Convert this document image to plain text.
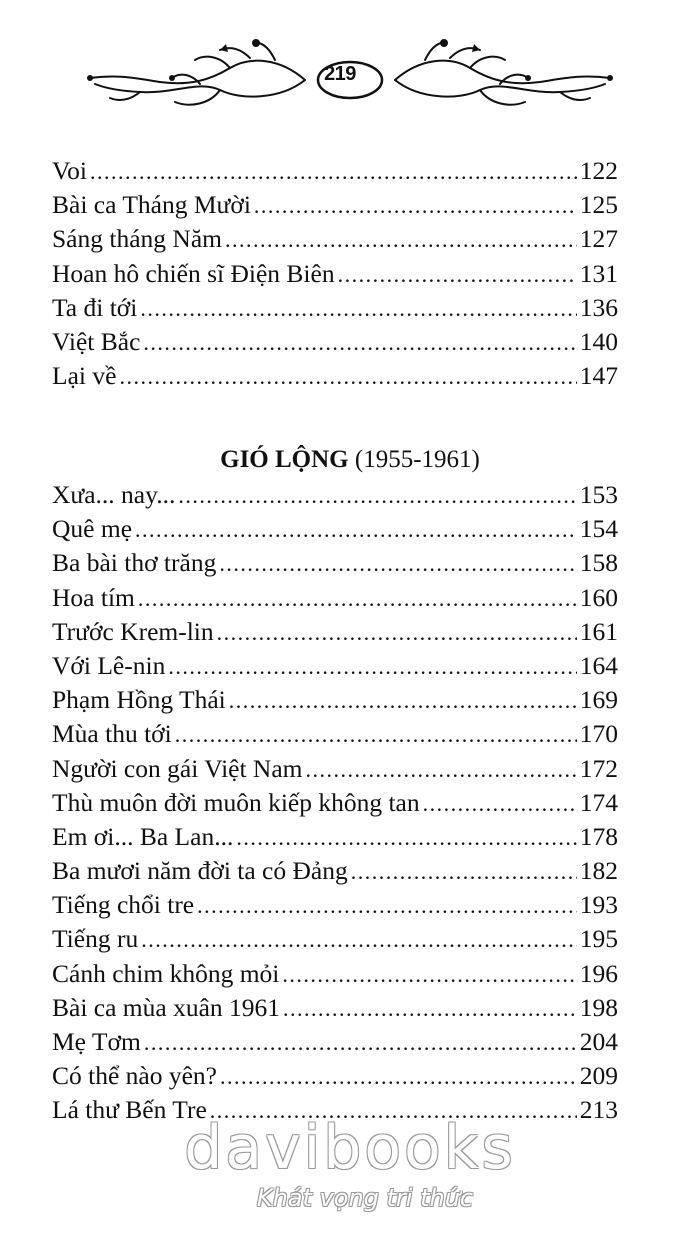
219
Voi .....	122
Bài ca Tháng Mười .....	125
Sáng tháng Năm .....	127
Hoan hô chiến sĩ Điện Biên .....	131
Ta đi tới .....	136
Việt Bắc .....	140
Lại về .....	147
GIÓ LỘNG (1955-1961)
Xưa... nay... .....	153
Quê mẹ .....	154
Ba bài thơ trăng .....	158
Hoa tím .....	160
Trước Krem-lin .....	161
Với Lê-nin .....	164
Phạm Hồng Thái .....	169
Mùa thu tới .....	170
Người con gái Việt Nam .....	172
Thù muôn đời muôn kiếp không tan .....	174
Em ơi... Ba Lan... .....	178
Ba mươi năm đời ta có Đảng .....	182
Tiếng chổi tre .....	193
Tiếng ru .....	195
Cánh chim không mỏi .....	196
Bài ca mùa xuân 1961 .....	198
Mẹ Tơm .....	204
Có thể nào yên? .....	209
Lá thư Bến Tre .....	213
davibooks
Khát vọng tri thức
